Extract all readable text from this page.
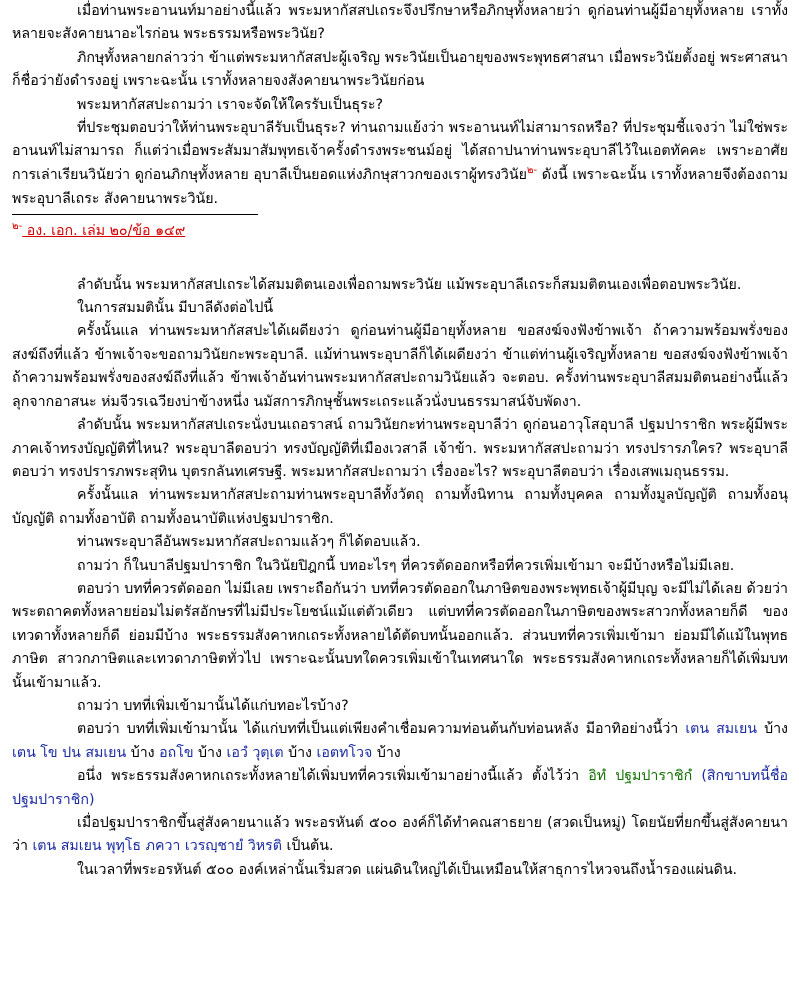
เมื่อท่านพระอานนท์มาอย่างนี้แล้ว พระมหากัสสปเถระจึงปรึกษาหรือภิกษุทั้งหลายว่า ดูก่อนท่านผู้มีอายุทั้งหลาย เราทั้งหลายจะสังคายนาอะไรก่อน พระธรรมหรือพระวินัย?

ภิกษุทั้งหลายกล่าวว่า ข้าแต่พระมหากัสสปะผู้เจริญ พระวินัยเป็นอายุของพระพุทธศาสนา เมื่อพระวินัยตั้งอยู่ พระศาสนาก็ชื่อว่ายังดำรงอยู่ เพราะฉะนั้น เราทั้งหลายจงสังคายนาพระวินัยก่อน

พระมหากัสสปะถามว่า เราจะจัดให้ใครรับเป็นธุระ?

ที่ประชุมตอบว่าให้ท่านพระอุบาลีรับเป็นธุระ? ท่านถามแย้งว่า พระอานนท์ไม่สามารถหรือ? ที่ประชุมชี้แจงว่า ไม่ใช่พระอานนท์ไม่สามารถ ก็แต่ว่าเมื่อพระสัมมาสัมพุทธเจ้าครั้งดำรงพระชนม์อยู่ ได้สถาปนาท่านพระอุบาลีไว้ในเอตทัคคะ เพราะอาศัยการเล่าเรียนวินัยว่า ดูก่อนภิกษุทั้งหลาย อุบาลีเป็นยอดแห่งภิกษุสาวกของเราผู้ทรงวินัย$^{๒-}$ ดังนี้ เพราะฉะนั้น เราทั้งหลายจึงต้องถามพระอุบาลีเถระ สังคายนาพระวินัย.

$^{๒-}$ อง. เอก. เล่ม ๒๐/ข้อ ๑๔๙

ลำดับนั้น พระมหากัสสปเถระได้สมมติตนเองเพื่อถามพระวินัย แม้พระอุบาลีเถระก็สมมติตนเองเพื่อตอบพระวินัย.

ในการสมมตินั้น มีบาลีดังต่อไปนี้

ครั้งนั้นแล ท่านพระมหากัสสปะได้เผดียงว่า ดูก่อนท่านผู้มีอายุทั้งหลาย ขอสงฆ์จงฟังข้าพเจ้า ถ้าความพร้อมพรั่งของสงฆ์ถึงที่แล้ว ข้าพเจ้าจะขอถามวินัยกะพระอุบาลี. แม้ท่านพระอุบาลีก็ได้เผดียงว่า ข้าแต่ท่านผู้เจริญทั้งหลาย ขอสงฆ์จงฟังข้าพเจ้า ถ้าความพร้อมพรั่งของสงฆ์ถึงที่แล้ว ข้าพเจ้าอันท่านพระมหากัสสปะถามวินัยแล้ว จะตอบ. ครั้งท่านพระอุบาลีสมมติตนอย่างนี้แล้วลุกจากอาสนะ ห่มจีวรเฉวียงบ่าข้างหนึ่ง นมัสการภิกษุชั้นพระเถระแล้วนั่งบนธรรมาสน์จับพัดงา.

ลำดับนั้น พระมหากัสสปเถระนั่งบนเถอราสน์ ถามวินัยกะท่านพระอุบาลีว่า ดูก่อนอาวุโสอุบาลี ปฐมปาราชิก พระผู้มีพระภาคเจ้าทรงบัญญัติที่ไหน? พระอุบาลีตอบว่า ทรงบัญญัติที่เมืองเวสาลี เจ้าข้า. พระมหากัสสปะถามว่า ทรงปรารภใคร? พระอุบาลีตอบว่า ทรงปรารภพระสุทิน บุตรกลันทเศรษฐี. พระมหากัสสปะถามว่า เรื่องอะไร? พระอุบาลีตอบว่า เรื่องเสพเมถุนธรรม.

ครั้งนั้นแล ท่านพระมหากัสสปะถามท่านพระอุบาลีทั้งวัตถุ ถามทั้งนิทาน ถามทั้งบุคคล ถามทั้งมูลบัญญัติ ถามทั้งอนุบัญญัติ ถามทั้งอาบัติ ถามทั้งอนาบัติแห่งปฐมปาราชิก.

ท่านพระอุบาลีอันพระมหากัสสปะถามแล้วๆ ก็ได้ตอบแล้ว.

ถามว่า ก็ในบาลีปฐมปาราชิก ในวินัยปิฎกนี้ บทอะไรๆ ที่ควรตัดออกหรือที่ควรเพิ่มเข้ามา จะมีบ้างหรือไม่มีเลย.

ตอบว่า บทที่ควรตัดออก ไม่มีเลย เพราะถือกันว่า บทที่ควรตัดออกในภาษิตของพระพุทธเจ้าผู้มีบุญ จะมีไม่ได้เลย ด้วยว่าพระตถาคตทั้งหลายย่อมไม่ตรัสอักษรที่ไม่มีประโยชน์แม้แต่ตัวเดียว แต่บทที่ควรตัดออกในภาษิตของพระสาวกทั้งหลายก็ดี ของเทวดาทั้งหลายก็ดี ย่อมมีบ้าง พระธรรมสังคาหกเถระทั้งหลายได้ตัดบทนั้นออกแล้ว. ส่วนบทที่ควรเพิ่มเข้ามา ย่อมมีได้แม้ในพุทธภาษิต สาวกภาษิตและเทวดาภาษิตทั่วไป เพราะฉะนั้นบทใดควรเพิ่มเข้าในเทศนาใด พระธรรมสังคาหกเถระทั้งหลายก็ได้เพิ่มบทนั้นเข้ามาแล้ว.

ถามว่า บทที่เพิ่มเข้ามานั้นได้แก่บทอะไรบ้าง?

ตอบว่า บทที่เพิ่มเข้ามานั้น ได้แก่บทที่เป็นแต่เพียงคำเชื่อมความท่อนต้นกับท่อนหลัง มีอาทิอย่างนี้ว่า เตน สมเยน บ้าง เตน โข ปน สมเยน บ้าง อถโข บ้าง เอวํ วุตฺเต บ้าง เอตทโวจ บ้าง

อนึ่ง พระธรรมสังคาหกเถระทั้งหลายได้เพิ่มบทที่ควรเพิ่มเข้ามาอย่างนี้แล้ว ตั้งไว้ว่า อิทํ ปฐมปาราชิกํ (สิกขาบทนี้ชื่อปฐมปาราชิก)

เมื่อปฐมปาราชิกขึ้นสู่สังคายนาแล้ว พระอรหันต์ ๕๐๐ องค์ก็ได้ทำคณสาธยาย (สวดเป็นหมู่) โดยนัยที่ยกขึ้นสู่สังคายนาว่า เตน สมเยน พุทฺโธ ภควา เวรญฺชายํ วิหรติ เป็นต้น.

ในเวลาที่พระอรหันต์ ๕๐๐ องค์เหล่านั้นเริ่มสวด แผ่นดินใหญ่ได้เป็นเหมือนให้สาธุการไหวจนถึงน้ำรองแผ่นดิน.
